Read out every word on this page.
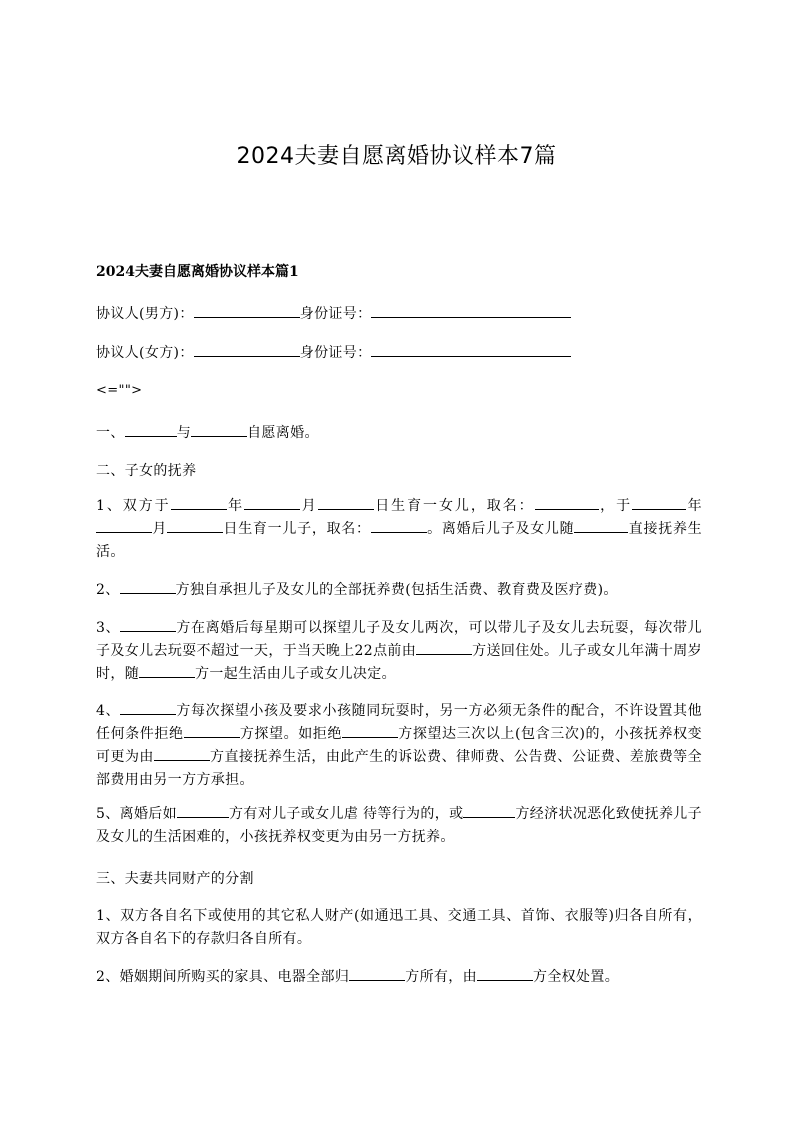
2024夫妻自愿离婚协议样本7篇
2024夫妻自愿离婚协议样本篇1
协议人(男方)：	身份证号：
协议人(女方)：	身份证号：
<="">
一、	与	自愿离婚。
二、子女的抚养
1、双方于	年	月	日生育一女儿，取名：	，于	年月	日生育一儿子，取名：	。离婚后儿子及女儿随	直接抚养生活。
2、	方独自承担儿子及女儿的全部抚养费(包括生活费、教育费及医疗费)。
3、	方在离婚后每星期可以探望儿子及女儿两次，可以带儿子及女儿去玩耍，每次带儿子及女儿去玩耍不超过一天，于当天晚上22点前由	方送回住处。儿子或女儿年满十周岁时，随	方一起生活由儿子或女儿决定。
4、	方每次探望小孩及要求小孩随同玩耍时，另一方必须无条件的配合，不许设置其他任何条件拒绝	方探望。如拒绝	方探望达三次以上(包含三次)的，小孩抚养权变可更为由	方直接抚养生活，由此产生的诉讼费、律师费、公告费、公证费、差旅费等全部费用由另一方方承担。
5、离婚后如	方有对儿子或女儿虐 待等行为的，或	方经济状况恶化致使抚养儿子及女儿的生活困难的，小孩抚养权变更为由另一方抚养。
三、夫妻共同财产的分割
1、双方各自名下或使用的其它私人财产(如通迅工具、交通工具、首饰、衣服等)归各自所有，双方各自名下的存款归各自所有。
2、婚姻期间所购买的家具、电器全部归	方所有，由	方全权处置。
